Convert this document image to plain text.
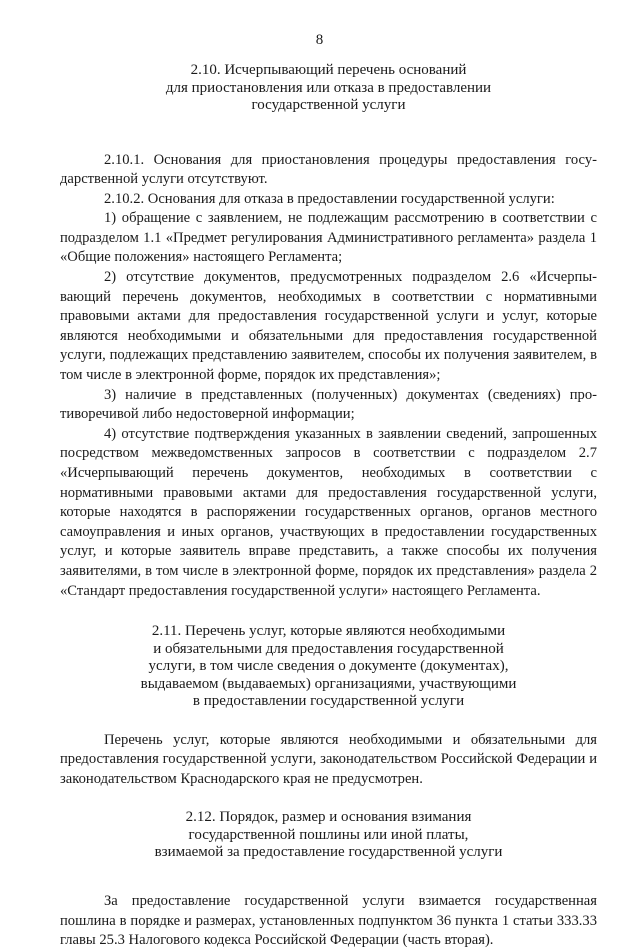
8
2.10. Исчерпывающий перечень оснований
для приостановления или отказа в предоставлении
государственной услуги

2.10.1. Основания для приостановления процедуры предоставления государственной услуги отсутствуют.

2.10.2. Основания для отказа в предоставлении государственной услуги:

1) обращение с заявлением, не подлежащим рассмотрению в соответствии с подразделом 1.1 «Предмет регулирования Административного регламента» раздела 1 «Общие положения» настоящего Регламента;

2) отсутствие документов, предусмотренных подразделом 2.6 «Исчерпывающий перечень документов, необходимых в соответствии с нормативными правовыми актами для предоставления государственной услуги и услуг, которые являются необходимыми и обязательными для предоставления государственной услуги, подлежащих представлению заявителем, способы их получения заявителем, в том числе в электронной форме, порядок их представления»;

3) наличие в представленных (полученных) документах (сведениях) противоречивой либо недостоверной информации;

4) отсутствие подтверждения указанных в заявлении сведений, запрошенных посредством межведомственных запросов в соответствии с подразделом 2.7 «Исчерпывающий перечень документов, необходимых в соответствии с нормативными правовыми актами для предоставления государственной услуги, которые находятся в распоряжении государственных органов, органов местного самоуправления и иных органов, участвующих в предоставлении государственных услуг, и которые заявитель вправе представить, а также способы их получения заявителями, в том числе в электронной форме, порядок их представления» раздела 2 «Стандарт предоставления государственной услуги» настоящего Регламента.

2.11. Перечень услуг, которые являются необходимыми
и обязательными для предоставления государственной
услуги, в том числе сведения о документе (документах),
выдаваемом (выдаваемых) организациями, участвующими
в предоставлении государственной услуги

Перечень услуг, которые являются необходимыми и обязательными для предоставления государственной услуги, законодательством Российской Федерации и законодательством Краснодарского края не предусмотрен.

2.12. Порядок, размер и основания взимания
государственной пошлины или иной платы,
взимаемой за предоставление государственной услуги

За предоставление государственной услуги взимается государственная пошлина в порядке и размерах, установленных подпунктом 36 пункта 1 статьи 333.33 главы 25.3 Налогового кодекса Российской Федерации (часть вторая).
